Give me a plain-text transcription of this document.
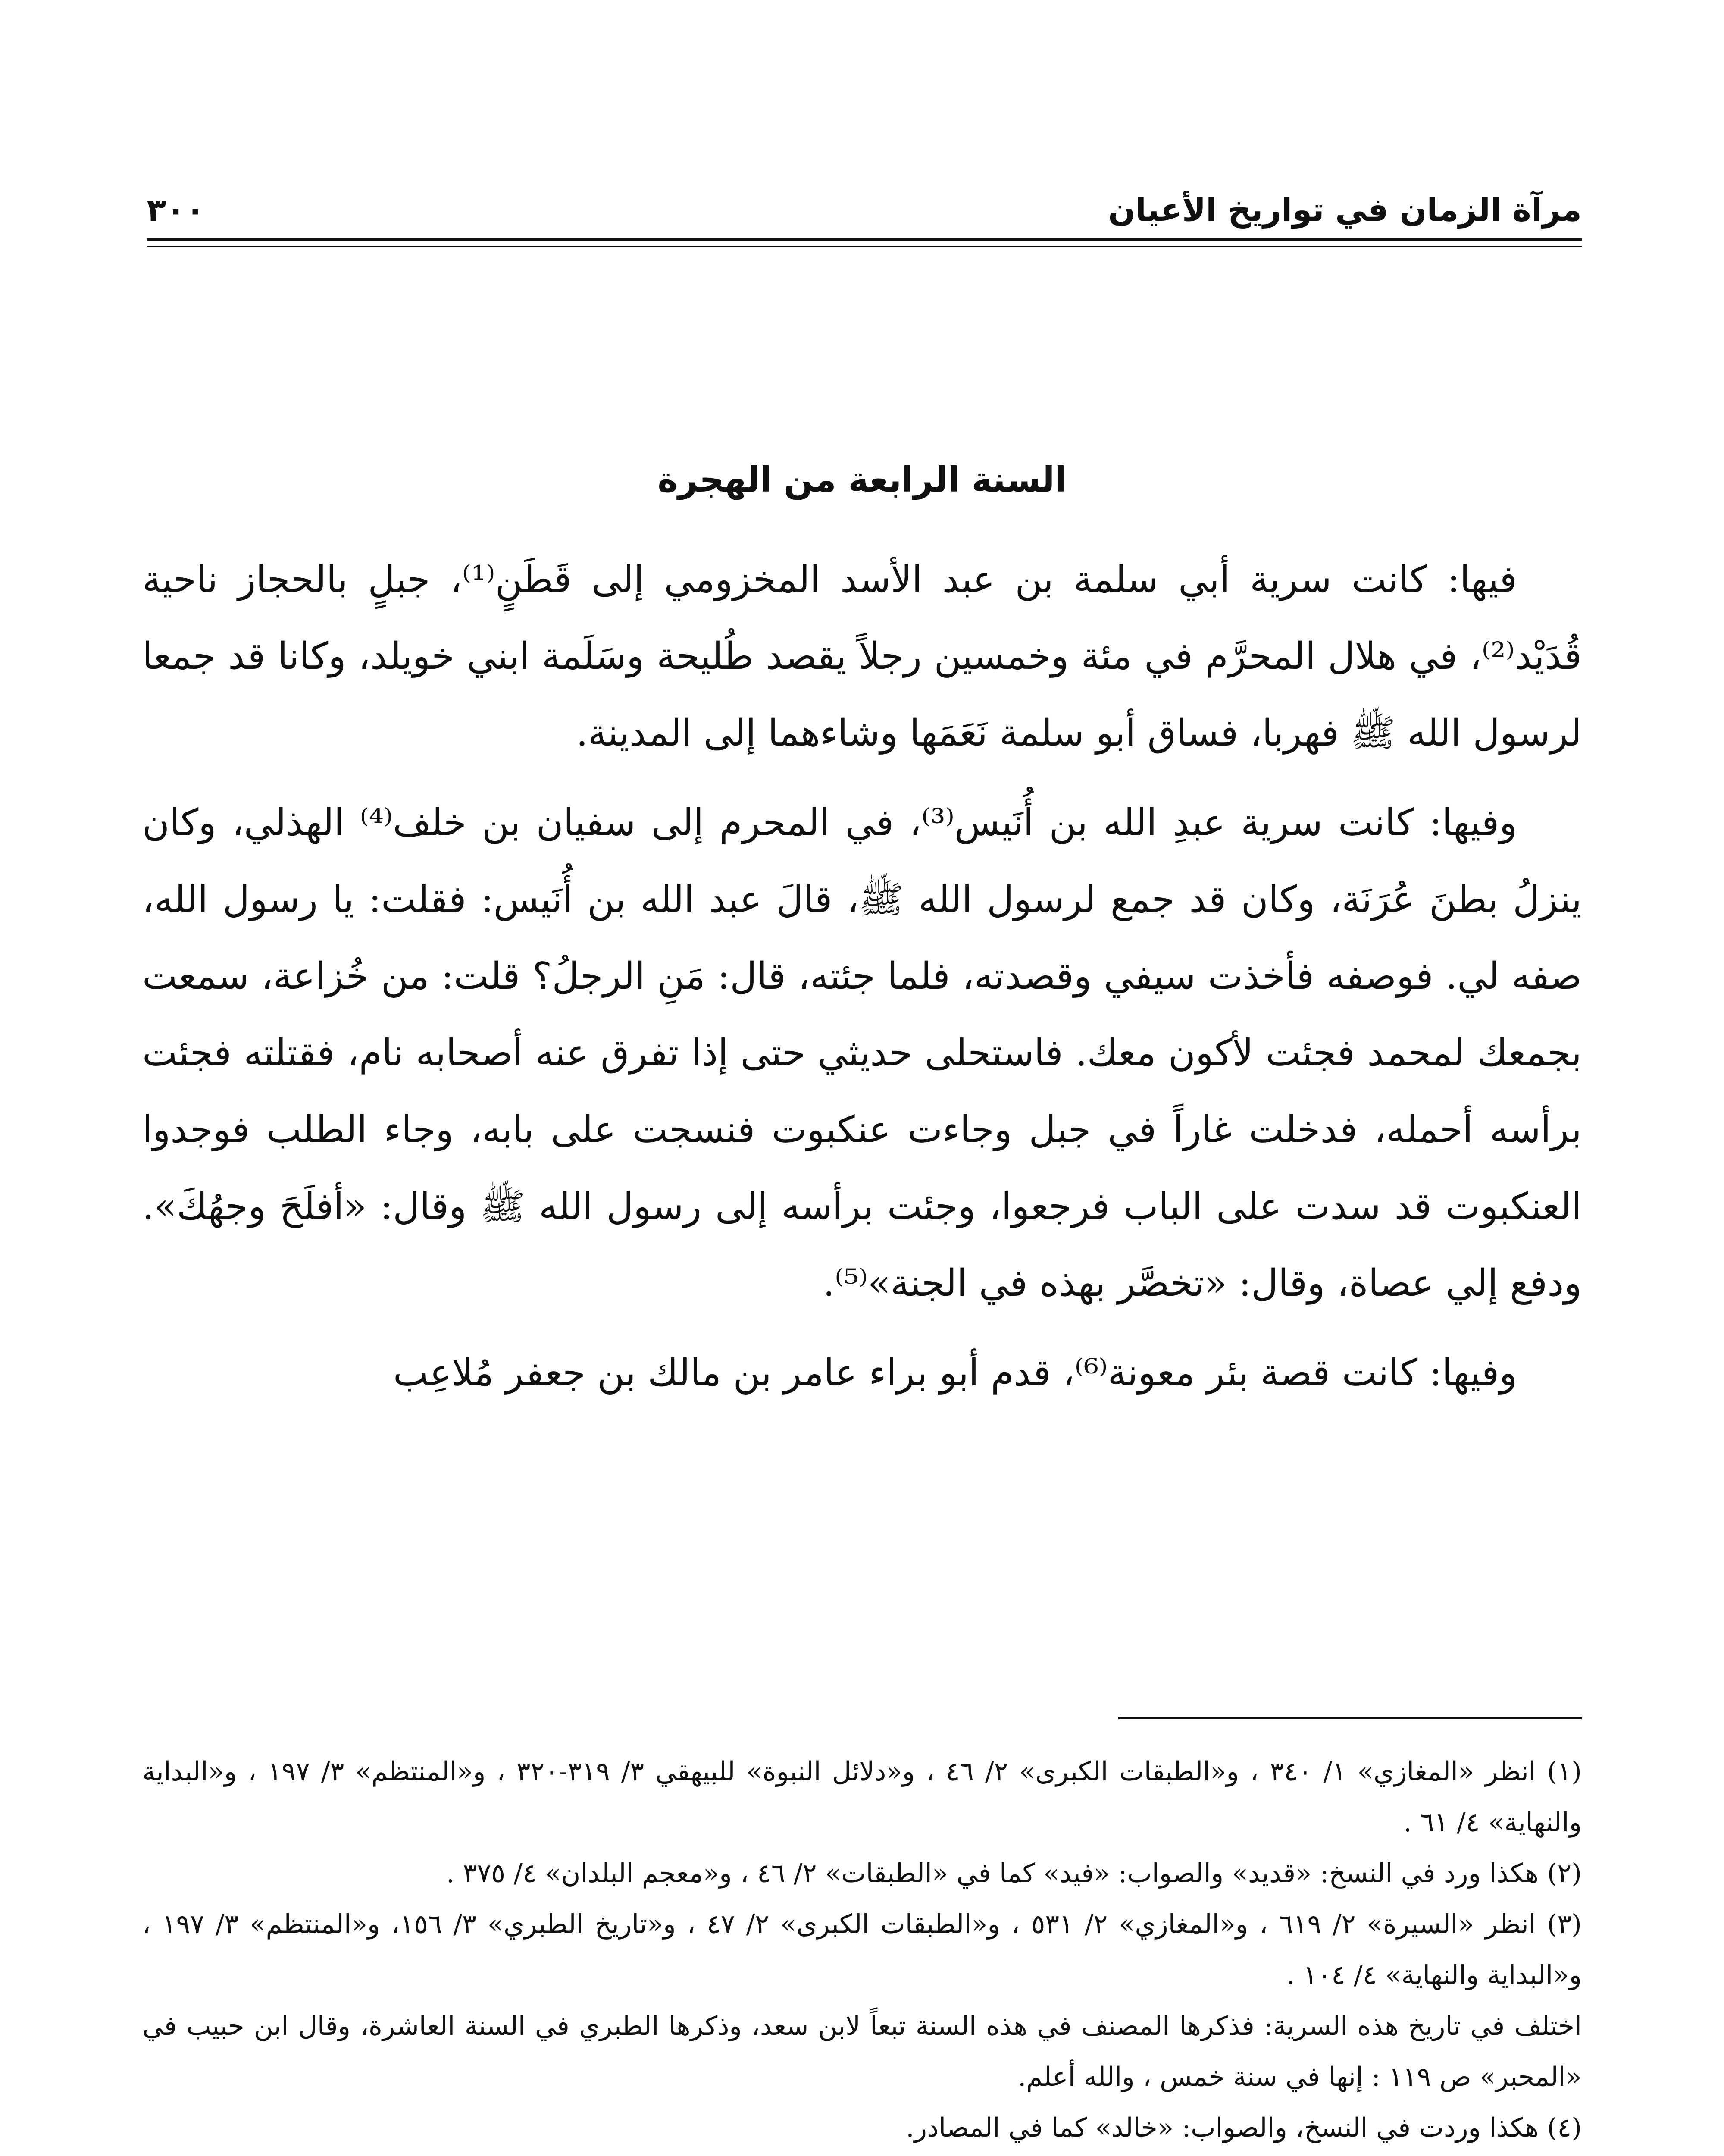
مرآة الزمان في تواريخ الأعيان
٣٠٠
السنة الرابعة من الهجرة

فيها: كانت سرية أبي سلمة بن عبد الأسد المخزومي إلى قَطَنٍ⁽¹⁾، جبلٍ بالحجاز ناحية قُدَيْد⁽²⁾، في هلال المحرَّم في مئة وخمسين رجلاً يقصد طُليحة وسَلَمة ابني خويلد، وكانا قد جمعا لرسول الله ﷺ فهربا، فساق أبو سلمة نَعَمَها وشاءهما إلى المدينة.

وفيها: كانت سرية عبدِ الله بن أُنَيس⁽³⁾، في المحرم إلى سفيان بن خلف⁽⁴⁾ الهذلي، وكان ينزلُ بطنَ عُرَنَة، وكان قد جمع لرسول الله ﷺ، قالَ عبد الله بن أُنَيس: فقلت: يا رسول الله، صفه لي. فوصفه فأخذت سيفي وقصدته، فلما جئته، قال: مَنِ الرجلُ؟ قلت: من خُزاعة، سمعت بجمعك لمحمد فجئت لأكون معك. فاستحلى حديثي حتى إذا تفرق عنه أصحابه نام، فقتلته فجئت برأسه أحمله، فدخلت غاراً في جبل وجاءت عنكبوت فنسجت على بابه، وجاء الطلب فوجدوا العنكبوت قد سدت على الباب فرجعوا، وجئت برأسه إلى رسول الله ﷺ وقال: «أفلَحَ وجهُكَ». ودفع إلي عصاة، وقال: «تخصَّر بهذه في الجنة»⁽⁵⁾.

وفيها: كانت قصة بئر معونة⁽⁶⁾، قدم أبو براء عامر بن مالك بن جعفر مُلاعِب

(١) انظر «المغازي» ١/ ٣٤٠ ، و«الطبقات الكبرى» ٢/ ٤٦ ، و«دلائل النبوة» للبيهقي ٣/ ٣١٩-٣٢٠ ، و«المنتظم» ٣/ ١٩٧ ، و«البداية والنهاية» ٤/ ٦١ .

(٢) هكذا ورد في النسخ: «قديد» والصواب: «فيد» كما في «الطبقات» ٢/ ٤٦ ، و«معجم البلدان» ٤/ ٣٧٥ .

(٣) انظر «السيرة» ٢/ ٦١٩ ، و«المغازي» ٢/ ٥٣١ ، و«الطبقات الكبرى» ٢/ ٤٧ ، و«تاريخ الطبري» ٣/ ١٥٦، و«المنتظم» ٣/ ١٩٧ ، و«البداية والنهاية» ٤/ ١٠٤ .

اختلف في تاريخ هذه السرية: فذكرها المصنف في هذه السنة تبعاً لابن سعد، وذكرها الطبري في السنة العاشرة، وقال ابن حبيب في «المحبر» ص ١١٩ : إنها في سنة خمس ، والله أعلم.

(٤) هكذا وردت في النسخ، والصواب: «خالد» كما في المصادر.
